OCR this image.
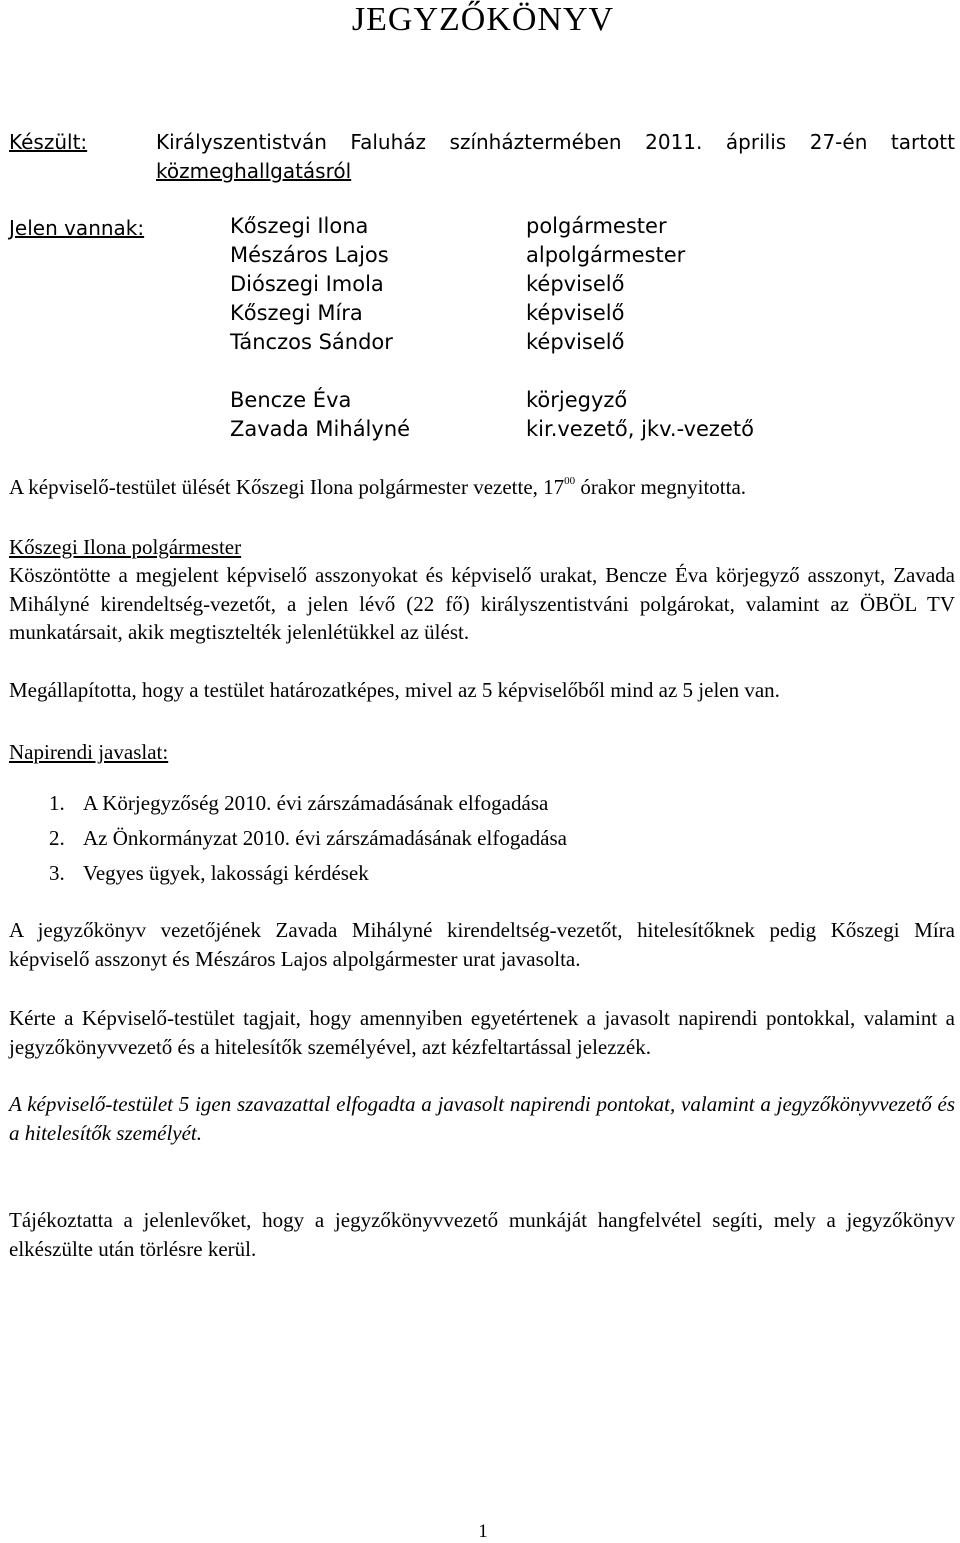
JEGYZŐKÖNYV
Készült:	Királyszentistván Faluház színháztermében 2011. április 27-én tartott
közmeghallgatásról
Jelen vannak:	Kőszegi Ilona	polgármester
Mészáros Lajos	alpolgármester
Diószegi Imola	képviselő
Kőszegi Míra	képviselő
Tánczos Sándor	képviselő
Bencze Éva	körjegyző
Zavada Mihályné	kir.vezető, jkv.-vezető

A képviselő-testület ülését Kőszegi Ilona polgármester vezette, $17^{00}$ órakor megnyitotta.

Kőszegi Ilona polgármester

Köszöntötte a megjelent képviselő asszonyokat és képviselő urakat, Bencze Éva körjegyző asszonyt, Zavada Mihályné kirendeltség-vezetőt, a jelen lévő (22 fő) királyszentistváni polgárokat, valamint az ÖBÖL TV munkatársait, akik megtisztelték jelenlétükkel az ülést.

Megállapította, hogy a testület határozatképes, mivel az 5 képviselőből mind az 5 jelen van.

Napirendi javaslat:
1. A Körjegyzőség 2010. évi zárszámadásának elfogadása
2. Az Önkormányzat 2010. évi zárszámadásának elfogadása
3. Vegyes ügyek, lakossági kérdések

A jegyzőkönyv vezetőjének Zavada Mihályné kirendeltség-vezetőt, hitelesítőknek pedig Kőszegi Míra képviselő asszonyt és Mészáros Lajos alpolgármester urat javasolta.

Kérte a Képviselő-testület tagjait, hogy amennyiben egyetértenek a javasolt napirendi pontokkal, valamint a jegyzőkönyvvezető és a hitelesítők személyével, azt kézfeltartással jelezzék.

A képviselő-testület 5 igen szavazattal elfogadta a javasolt napirendi pontokat, valamint a jegyzőkönyvvezető és a hitelesítők személyét.

Tájékoztatta a jelenlevőket, hogy a jegyzőkönyvvezető munkáját hangfelvétel segíti, mely a jegyzőkönyv elkészülte után törlésre kerül.

1
